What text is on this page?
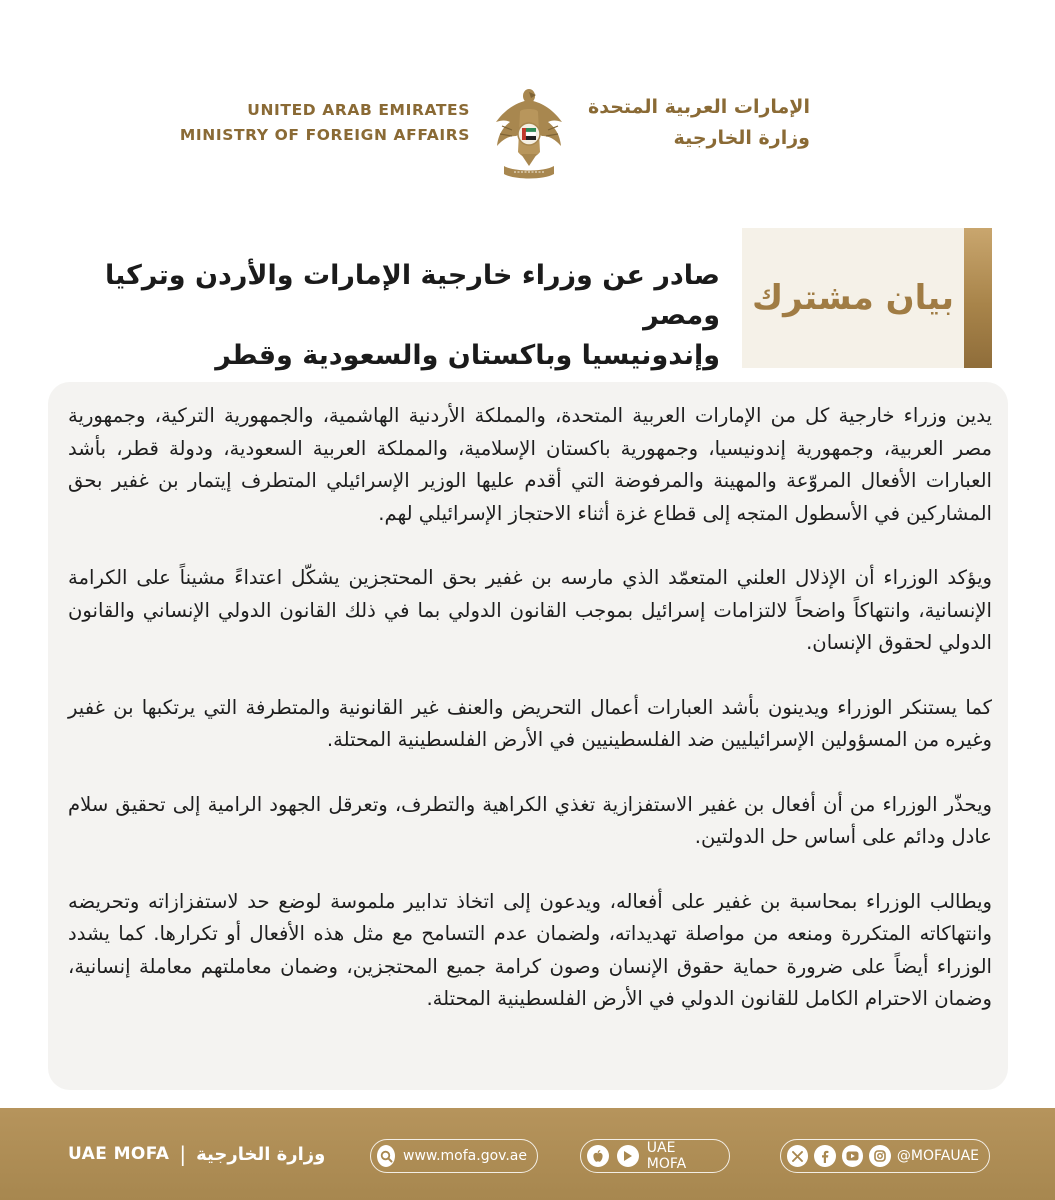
UNITED ARAB EMIRATES
MINISTRY OF FOREIGN AFFAIRS
الإمارات العربية المتحدة
وزارة الخارجية
بيان مشترك
صادر عن وزراء خارجية الإمارات والأردن وتركيا ومصر
وإندونيسيا وباكستان والسعودية وقطر

يدين وزراء خارجية كل من الإمارات العربية المتحدة، والمملكة الأردنية الهاشمية، والجمهورية التركية، وجمهورية مصر العربية، وجمهورية إندونيسيا، وجمهورية باكستان الإسلامية، والمملكة العربية السعودية، ودولة قطر، بأشد العبارات الأفعال المروّعة والمهينة والمرفوضة التي أقدم عليها الوزير الإسرائيلي المتطرف إيتمار بن غفير بحق المشاركين في الأسطول المتجه إلى قطاع غزة أثناء الاحتجاز الإسرائيلي لهم.

ويؤكد الوزراء أن الإذلال العلني المتعمّد الذي مارسه بن غفير بحق المحتجزين يشكّل اعتداءً مشيناً على الكرامة الإنسانية، وانتهاكاً واضحاً لالتزامات إسرائيل بموجب القانون الدولي بما في ذلك القانون الدولي الإنساني والقانون الدولي لحقوق الإنسان.

كما يستنكر الوزراء ويدينون بأشد العبارات أعمال التحريض والعنف غير القانونية والمتطرفة التي يرتكبها بن غفير وغيره من المسؤولين الإسرائيليين ضد الفلسطينيين في الأرض الفلسطينية المحتلة.

ويحذّر الوزراء من أن أفعال بن غفير الاستفزازية تغذي الكراهية والتطرف، وتعرقل الجهود الرامية إلى تحقيق سلام عادل ودائم على أساس حل الدولتين.

ويطالب الوزراء بمحاسبة بن غفير على أفعاله، ويدعون إلى اتخاذ تدابير ملموسة لوضع حد لاستفزازاته وتحريضه وانتهاكاته المتكررة ومنعه من مواصلة تهديداته، ولضمان عدم التسامح مع مثل هذه الأفعال أو تكرارها. كما يشدد الوزراء أيضاً على ضرورة حماية حقوق الإنسان وصون كرامة جميع المحتجزين، وضمان معاملتهم معاملة إنسانية، وضمان الاحترام الكامل للقانون الدولي في الأرض الفلسطينية المحتلة.

UAE MOFA | وزارة الخارجية	www.mofa.gov.ae	UAE MOFA	@MOFAUAE
